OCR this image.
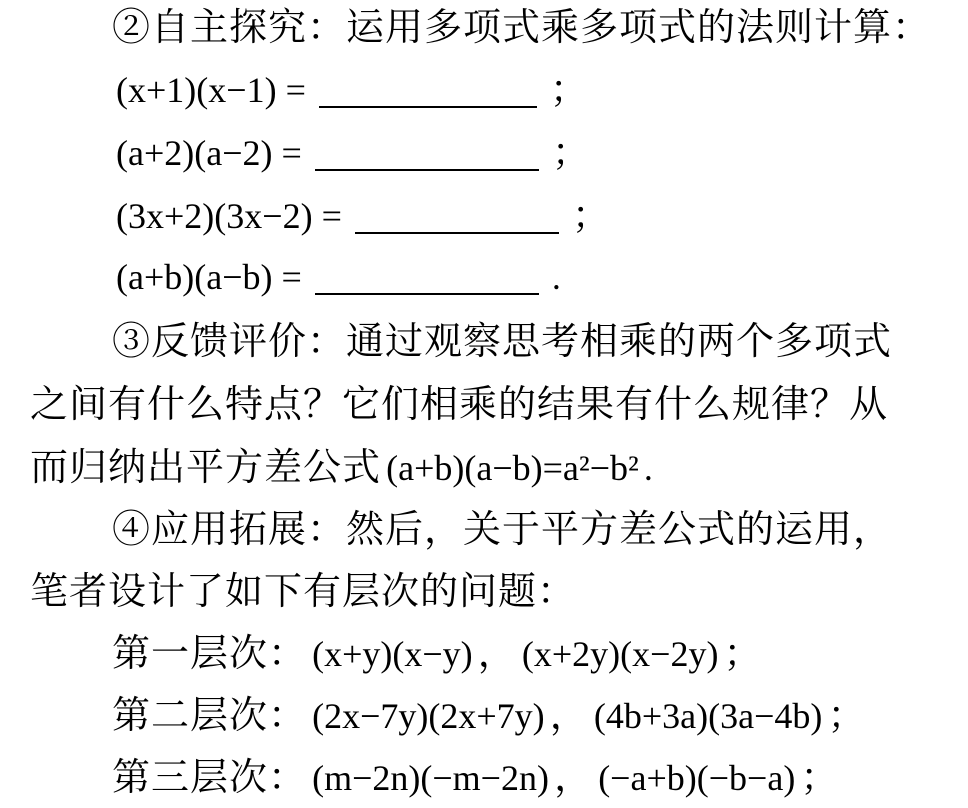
②自主探究：运用多项式乘多项式的法则计算：
(x+1)(x−1) =	；
(a+2)(a−2) =	；
(3x+2)(3x−2) =	；
(a+b)(a−b) =	.
③反馈评价：通过观察思考相乘的两个多项式
之间有什么特点？它们相乘的结果有什么规律？从
而归纳出平方差公式 (a+b)(a−b)=a²−b² .
④应用拓展：然后，关于平方差公式的运用，
笔者设计了如下有层次的问题：
第一层次： (x+y)(x−y) ， (x+2y)(x−2y) ；
第二层次： (2x−7y)(2x+7y) ， (4b+3a)(3a−4b) ；
第三层次： (m−2n)(−m−2n) ， (−a+b)(−b−a) ；
